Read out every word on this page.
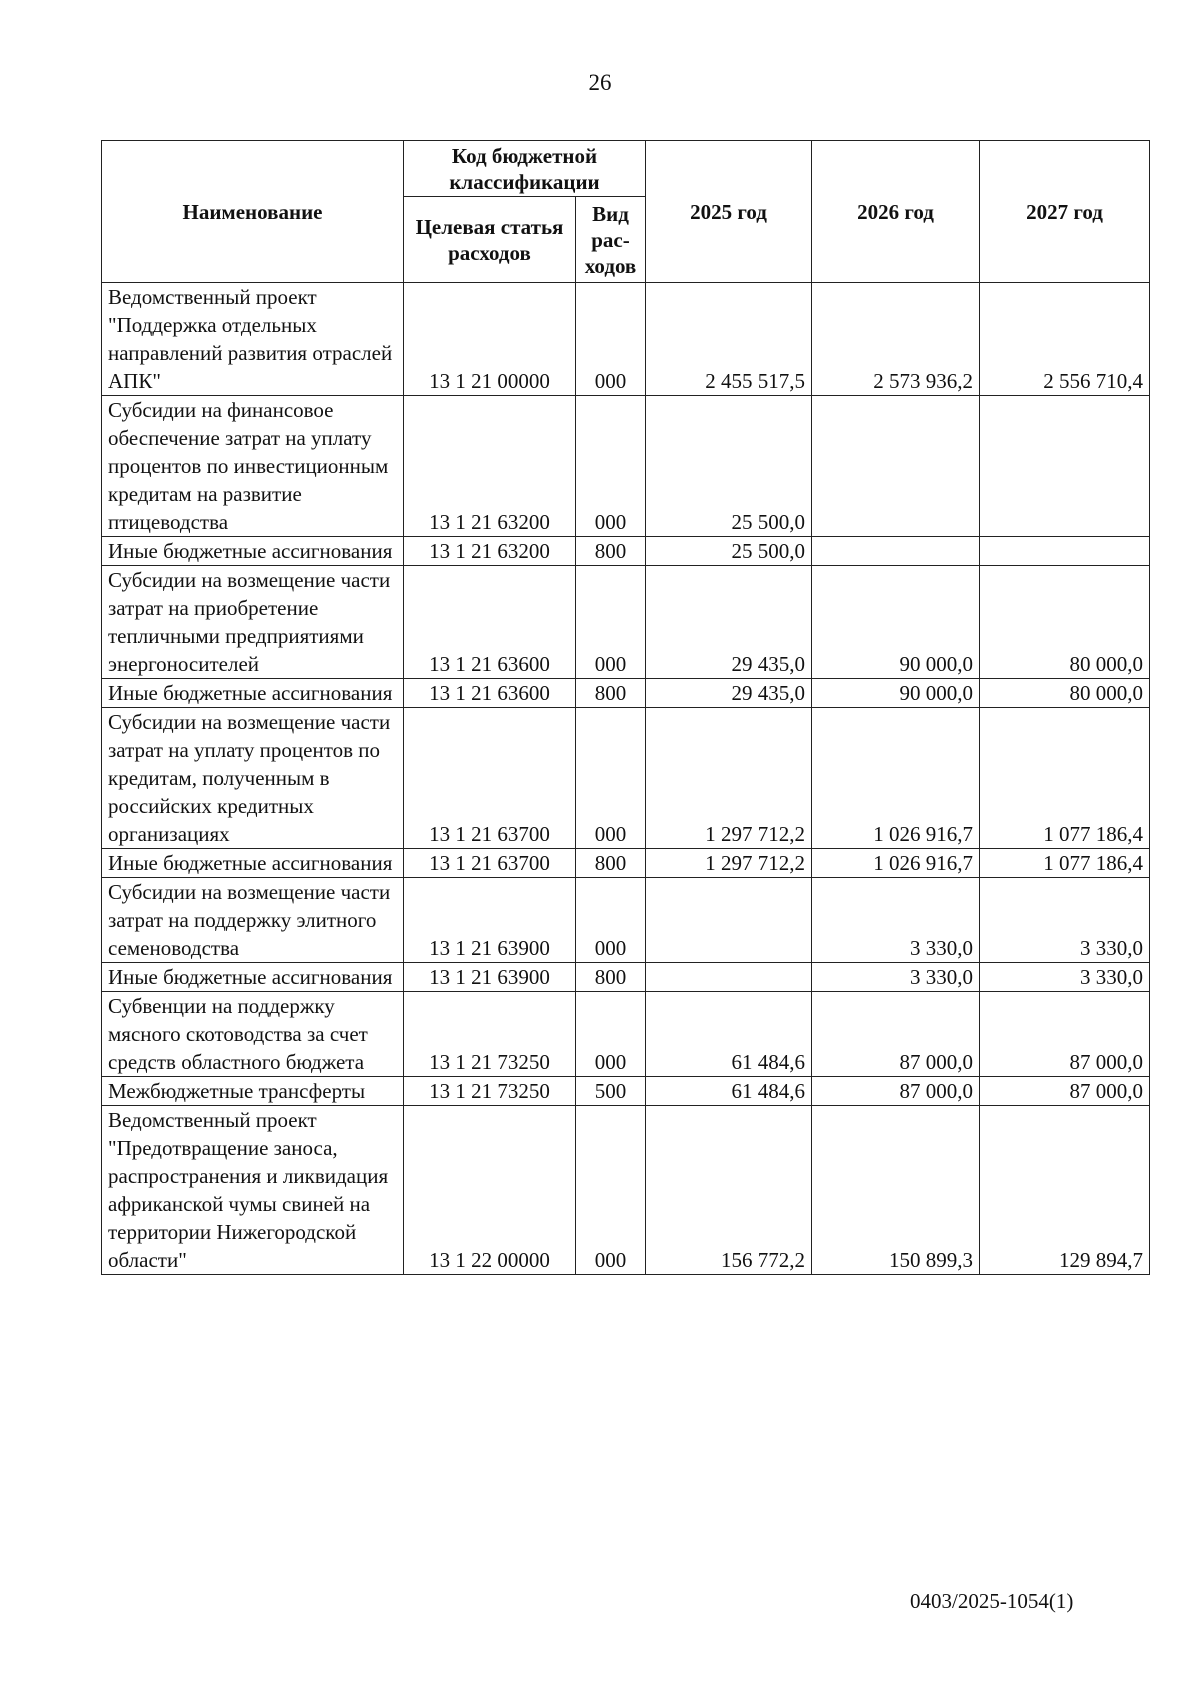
26
Наименование	Код бюджетной классификации		2025 год	2026 год	2027 год
	Целевая статья расходов	Вид рас-ходов			
Ведомственный проект "Поддержка отдельных направлений развития отраслей АПК"	13 1 21 00000	000	2 455 517,5	2 573 936,2	2 556 710,4
Субсидии на финансовое обеспечение затрат на уплату процентов по инвестиционным кредитам на развитие птицеводства	13 1 21 63200	000	25 500,0		
Иные бюджетные ассигнования	13 1 21 63200	800	25 500,0		
Субсидии на возмещение части затрат на приобретение тепличными предприятиями энергоносителей	13 1 21 63600	000	29 435,0	90 000,0	80 000,0
Иные бюджетные ассигнования	13 1 21 63600	800	29 435,0	90 000,0	80 000,0
Субсидии на возмещение части затрат на уплату процентов по кредитам, полученным в российских кредитных организациях	13 1 21 63700	000	1 297 712,2	1 026 916,7	1 077 186,4
Иные бюджетные ассигнования	13 1 21 63700	800	1 297 712,2	1 026 916,7	1 077 186,4
Субсидии на возмещение части затрат на поддержку элитного семеноводства	13 1 21 63900	000		3 330,0	3 330,0
Иные бюджетные ассигнования	13 1 21 63900	800		3 330,0	3 330,0
Субвенции на поддержку мясного скотоводства за счет средств областного бюджета	13 1 21 73250	000	61 484,6	87 000,0	87 000,0
Межбюджетные трансферты	13 1 21 73250	500	61 484,6	87 000,0	87 000,0
Ведомственный проект "Предотвращение заноса, распространения и ликвидация африканской чумы свиней на территории Нижегородской области"	13 1 22 00000	000	156 772,2	150 899,3	129 894,7
0403/2025-1054(1)
